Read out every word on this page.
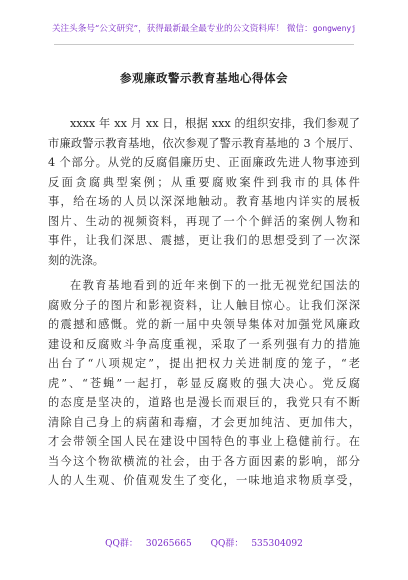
关注头条号“公文研究”，获得最新最全最专业的公文资料库！ 微信：gongwenyj
参观廉政警示教育基地心得体会
xxxx 年 xx 月 xx 日，根据 xxx 的组织安排，我们参观了
市廉政警示教育基地，依次参观了警示教育基地的 3 个展厅、
4 个部分。从党的反腐倡廉历史、正面廉政先进人物事迹到
反面贪腐典型案例；从重要腐败案件到我市的具体件
事，给在场的人员以深深地触动。教育基地内详实的展板
图片、生动的视频资料，再现了一个个鲜活的案例人物和
事件，让我们深思、震撼，更让我们的思想受到了一次深
刻的洗涤。
在教育基地看到的近年来倒下的一批无视党纪国法的
腐败分子的图片和影视资料，让人触目惊心。让我们深深
的震撼和感慨。党的新一届中央领导集体对加强党风廉政
建设和反腐败斗争高度重视，采取了一系列强有力的措施
出台了“八项规定”，提出把权力关进制度的笼子，“老
虎”、“苍蝇”一起打，彰显反腐败的强大决心。党反腐
的态度是坚决的，道路也是漫长而艰巨的，我党只有不断
清除自己身上的病菌和毒瘤，才会更加纯洁、更加伟大，
才会带领全国人民在建设中国特色的事业上稳健前行。在
当今这个物欲横流的社会，由于各方面因素的影响，部分
人的人生观、价值观发生了变化，一味地追求物质享受，
QQ群： 30265665 QQ群： 535304092
